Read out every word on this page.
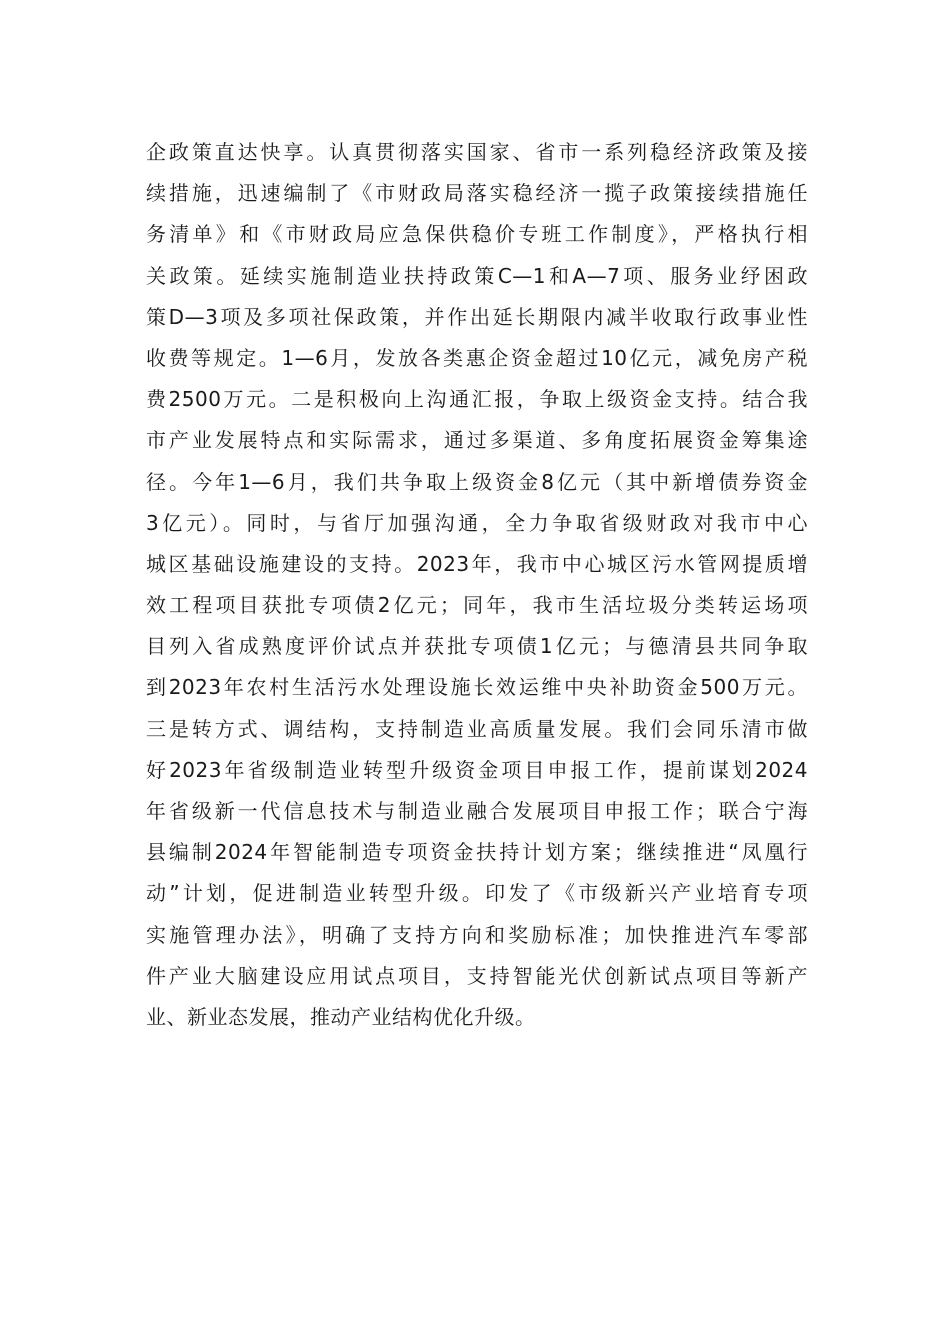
企政策直达快享。认真贯彻落实国家、省市一系列稳经济政策及接
续措施，迅速编制了《市财政局落实稳经济一揽子政策接续措施任
务清单》和《市财政局应急保供稳价专班工作制度》，严格执行相
关政策。延续实施制造业扶持政策C—1和A—7项、服务业纾困政
策D—3项及多项社保政策，并作出延长期限内减半收取行政事业性
收费等规定。1—6月，发放各类惠企资金超过10亿元，减免房产税
费2500万元。二是积极向上沟通汇报，争取上级资金支持。结合我
市产业发展特点和实际需求，通过多渠道、多角度拓展资金筹集途
径。今年1—6月，我们共争取上级资金8亿元（其中新增债券资金
3亿元）。同时，与省厅加强沟通，全力争取省级财政对我市中心
城区基础设施建设的支持。2023年，我市中心城区污水管网提质增
效工程项目获批专项债2亿元；同年，我市生活垃圾分类转运场项
目列入省成熟度评价试点并获批专项债1亿元；与德清县共同争取
到2023年农村生活污水处理设施长效运维中央补助资金500万元。
三是转方式、调结构，支持制造业高质量发展。我们会同乐清市做
好2023年省级制造业转型升级资金项目申报工作，提前谋划2024
年省级新一代信息技术与制造业融合发展项目申报工作；联合宁海
县编制2024年智能制造专项资金扶持计划方案；继续推进“凤凰行
动”计划，促进制造业转型升级。印发了《市级新兴产业培育专项
实施管理办法》，明确了支持方向和奖励标准；加快推进汽车零部
件产业大脑建设应用试点项目，支持智能光伏创新试点项目等新产
业、新业态发展，推动产业结构优化升级。
